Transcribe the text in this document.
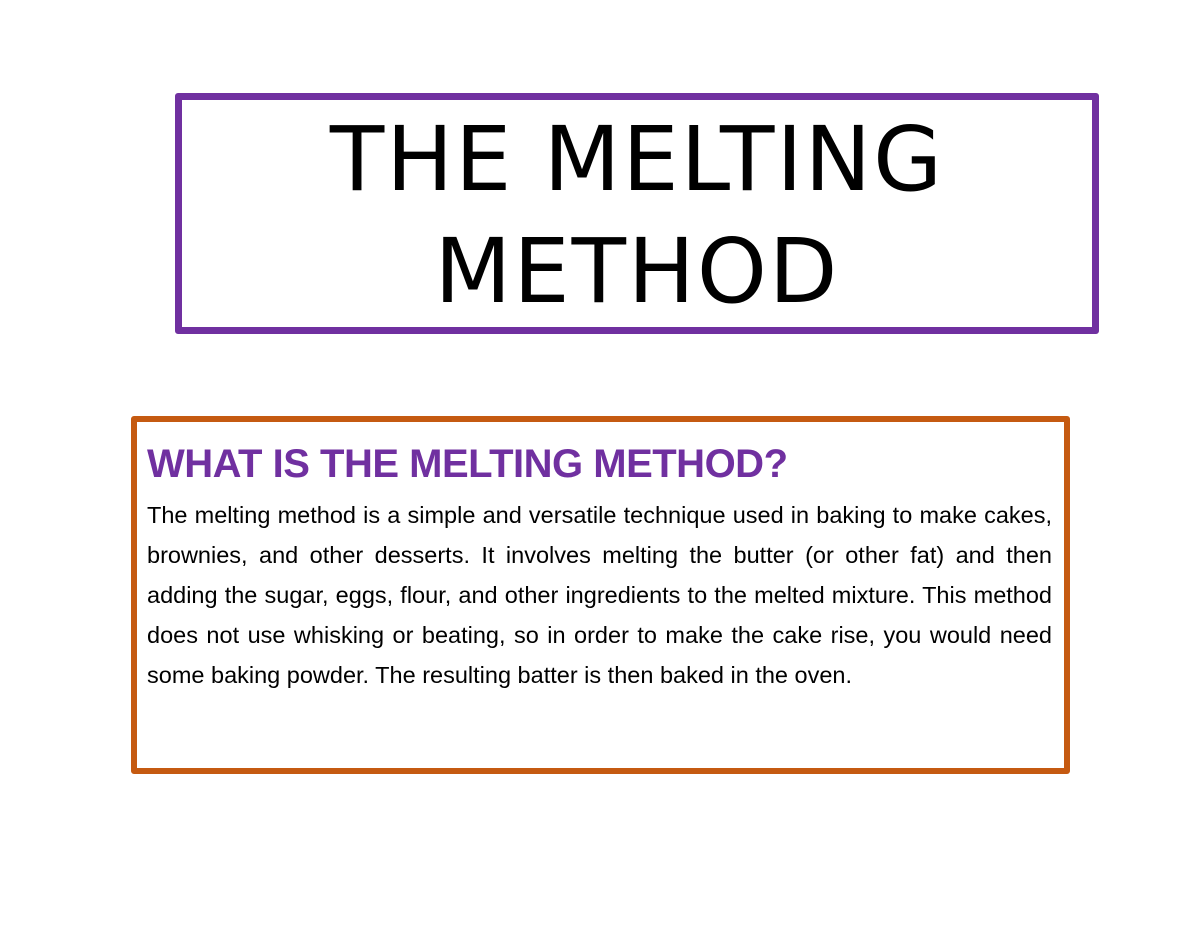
THE MELTING
METHOD
WHAT IS THE MELTING METHOD?

The melting method is a simple and versatile technique used in baking to make cakes, brownies, and other desserts. It involves melting the butter (or other fat) and then adding the sugar, eggs, flour, and other ingredients to the melted mixture. This method does not use whisking or beating, so in order to make the cake rise, you would need some baking powder. The resulting batter is then baked in the oven.
